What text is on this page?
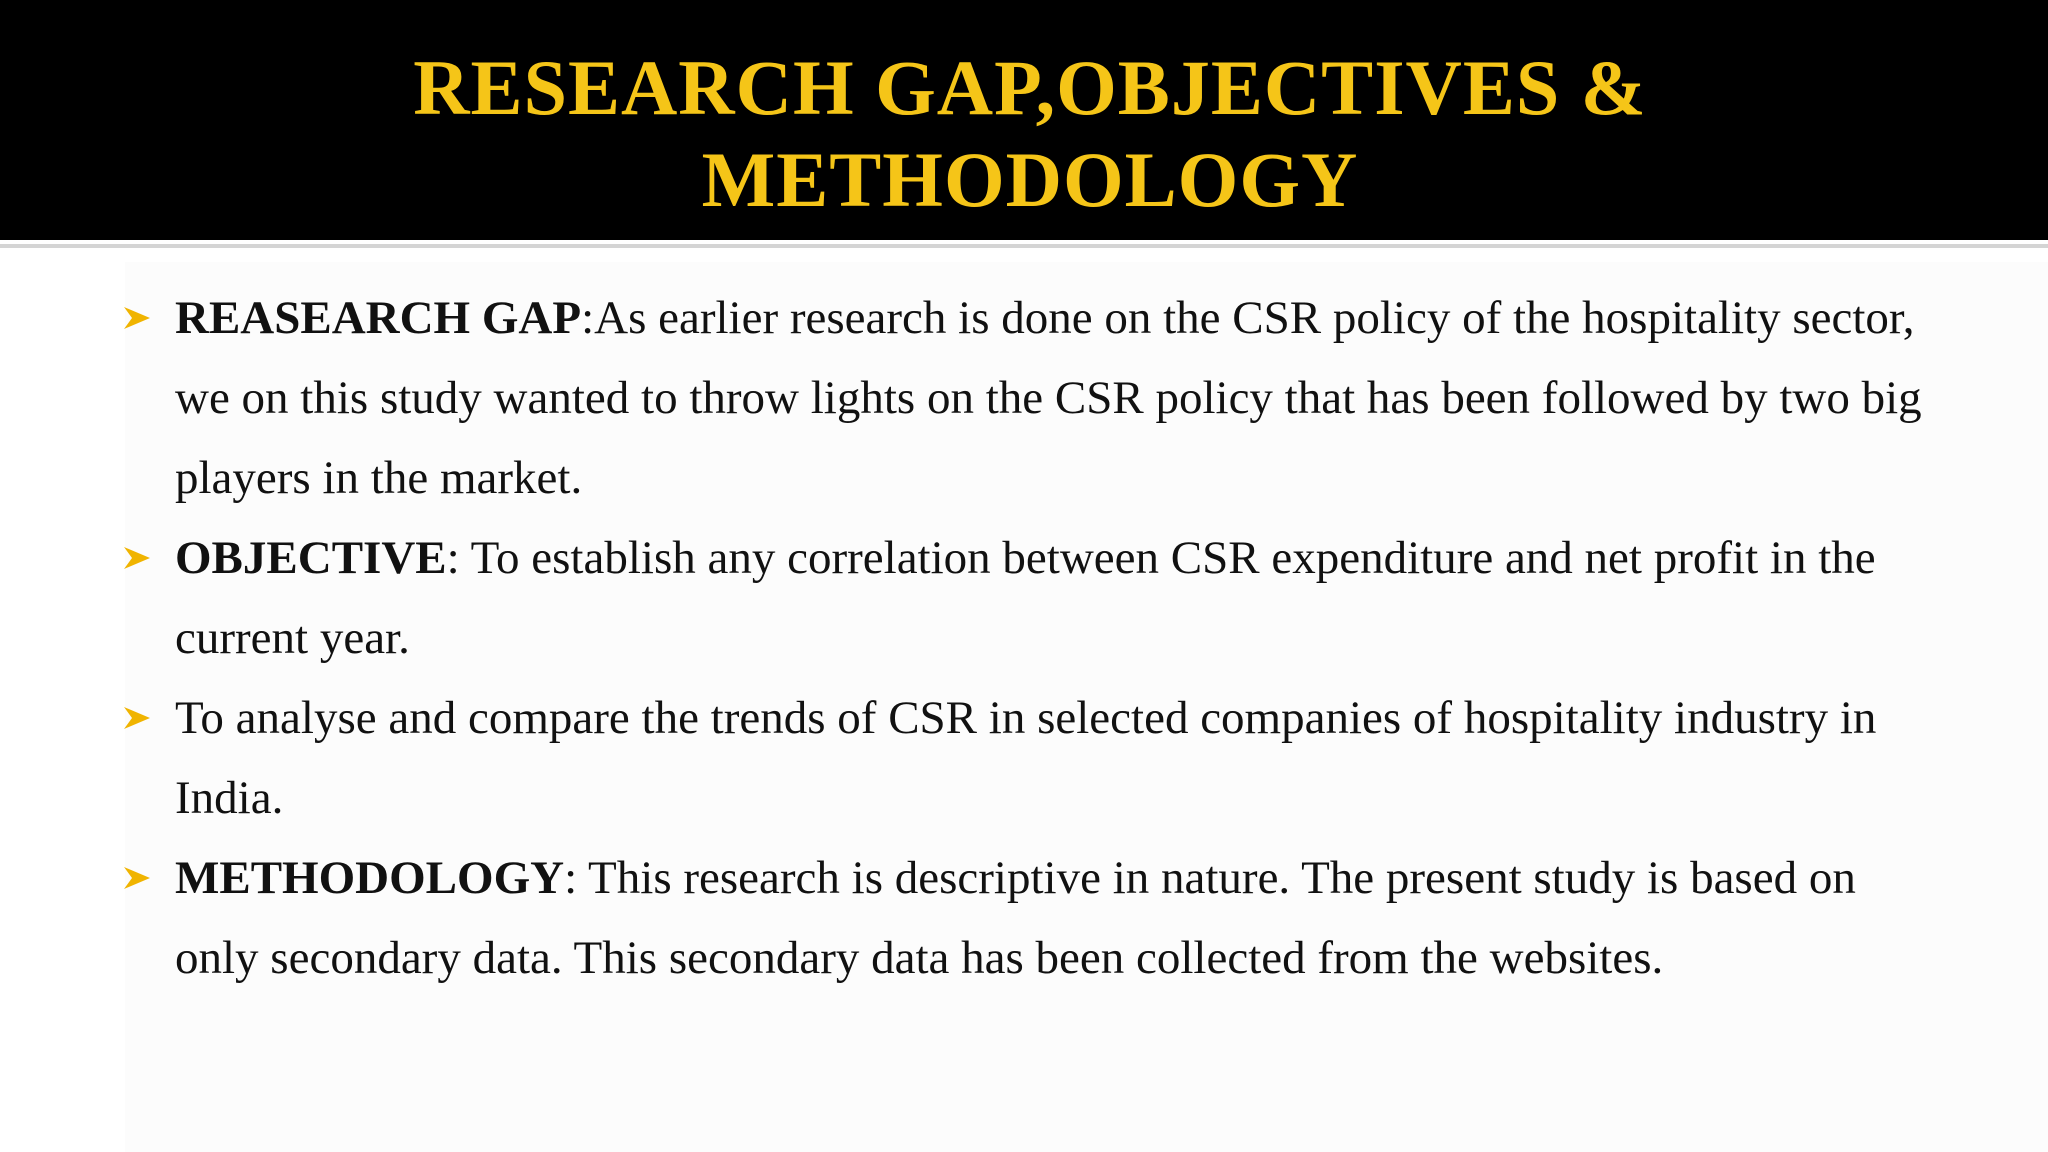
RESEARCH GAP,OBJECTIVES &
METHODOLOGY
REASEARCH GAP:As earlier research is done on the CSR policy of the hospitality sector, we on this study wanted to throw lights on the CSR policy that has been followed by two big players in the market.
OBJECTIVE: To establish any correlation between CSR expenditure and net profit in the current year.
To analyse and compare the trends of CSR in selected companies of hospitality industry in India.
METHODOLOGY: This research is descriptive in nature. The present study is based on only secondary data. This secondary data has been collected from the websites.
